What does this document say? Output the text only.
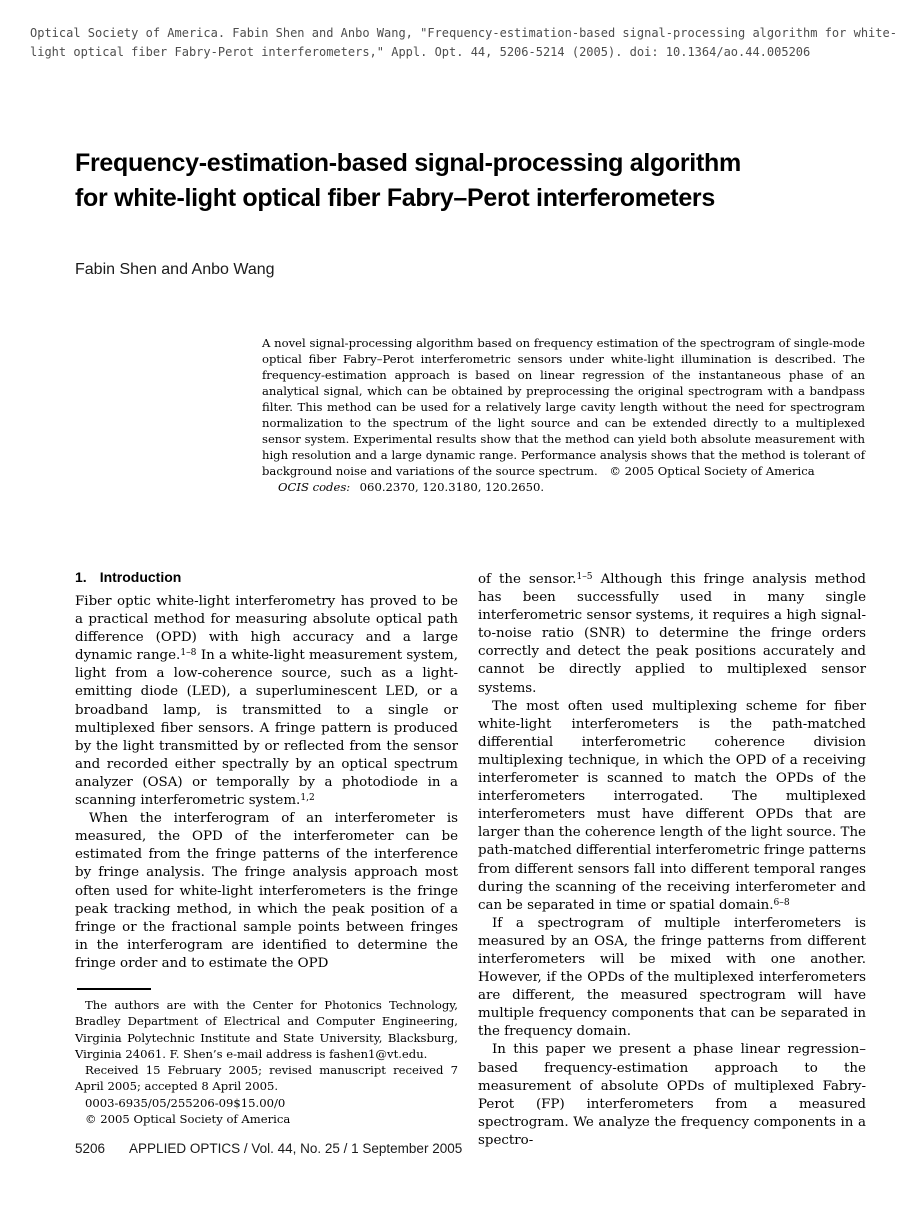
Optical Society of America. Fabin Shen and Anbo Wang, "Frequency-estimation-based signal-processing algorithm for white-
light optical fiber Fabry-Perot interferometers," Appl. Opt. 44, 5206-5214 (2005). doi: 10.1364/ao.44.005206
Frequency-estimation-based signal-processing algorithm
for white-light optical fiber Fabry–Perot interferometers
Fabin Shen and Anbo Wang

A novel signal-processing algorithm based on frequency estimation of the spectrogram of single-mode optical fiber Fabry–Perot interferometric sensors under white-light illumination is described. The frequency-estimation approach is based on linear regression of the instantaneous phase of an analytical signal, which can be obtained by preprocessing the original spectrogram with a bandpass filter. This method can be used for a relatively large cavity length without the need for spectrogram normalization to the spectrum of the light source and can be extended directly to a multiplexed sensor system. Experimental results show that the method can yield both absolute measurement with high resolution and a large dynamic range. Performance analysis shows that the method is tolerant of background noise and variations of the source spectrum.  © 2005 Optical Society of America

OCIS codes:  060.2370, 120.3180, 120.2650.

1. Introduction

Fiber optic white-light interferometry has proved to be a practical method for measuring absolute optical path difference (OPD) with high accuracy and a large dynamic range.$^{1-8}$ In a white-light measurement system, light from a low-coherence source, such as a light-emitting diode (LED), a superluminescent LED, or a broadband lamp, is transmitted to a single or multiplexed fiber sensors. A fringe pattern is produced by the light transmitted by or reflected from the sensor and recorded either spectrally by an optical spectrum analyzer (OSA) or temporally by a photodiode in a scanning interferometric system.$^{1,2}$

When the interferogram of an interferometer is measured, the OPD of the interferometer can be estimated from the fringe patterns of the interference by fringe analysis. The fringe analysis approach most often used for white-light interferometers is the fringe peak tracking method, in which the peak position of a fringe or the fractional sample points between fringes in the interferogram are identified to determine the fringe order and to estimate the OPD

of the sensor.$^{1-5}$ Although this fringe analysis method has been successfully used in many single interferometric sensor systems, it requires a high signal-to-noise ratio (SNR) to determine the fringe orders correctly and detect the peak positions accurately and cannot be directly applied to multiplexed sensor systems.

The most often used multiplexing scheme for fiber white-light interferometers is the path-matched differential interferometric coherence division multiplexing technique, in which the OPD of a receiving interferometer is scanned to match the OPDs of the interferometers interrogated. The multiplexed interferometers must have different OPDs that are larger than the coherence length of the light source. The path-matched differential interferometric fringe patterns from different sensors fall into different temporal ranges during the scanning of the receiving interferometer and can be separated in time or spatial domain.$^{6-8}$

If a spectrogram of multiple interferometers is measured by an OSA, the fringe patterns from different interferometers will be mixed with one another. However, if the OPDs of the multiplexed interferometers are different, the measured spectrogram will have multiple frequency components that can be separated in the frequency domain.

In this paper we present a phase linear regression–based frequency-estimation approach to the measurement of absolute OPDs of multiplexed Fabry-Perot (FP) interferometers from a measured spectrogram. We analyze the frequency components in a spectro-

The authors are with the Center for Photonics Technology, Bradley Department of Electrical and Computer Engineering, Virginia Polytechnic Institute and State University, Blacksburg, Virginia 24061. F. Shen’s e-mail address is fashen1@vt.edu.

Received 15 February 2005; revised manuscript received 7 April 2005; accepted 8 April 2005.

0003-6935/05/255206-09$15.00/0

© 2005 Optical Society of America

5206 APPLIED OPTICS / Vol. 44, No. 25 / 1 September 2005
